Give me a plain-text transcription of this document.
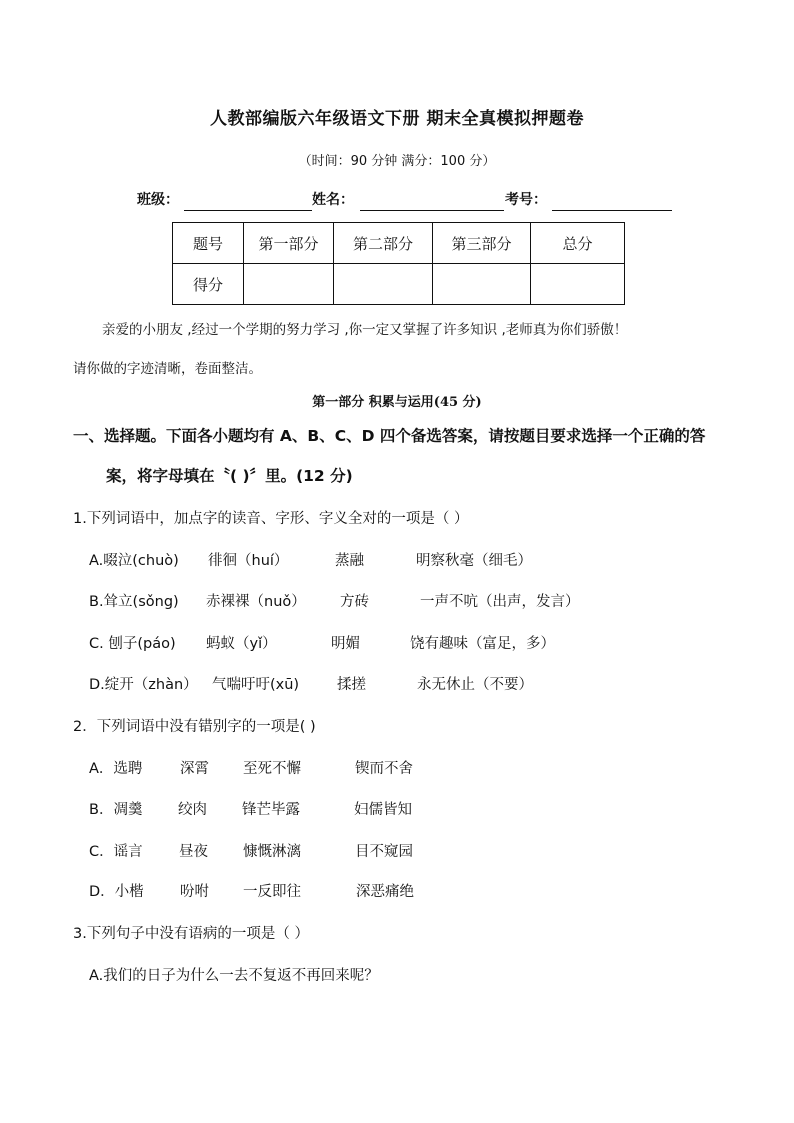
人教部编版六年级语文下册 期末全真模拟押题卷
（时间：90 分钟 满分：100 分）
班级：	姓名：	考号：
题号	第一部分	第二部分	第三部分	总分
得分				
亲爱的小朋友 ,经过一个学期的努力学习 ,你一定又掌握了许多知识 ,老师真为你们骄傲！
请你做的字迹清晰，卷面整洁。
第一部分 积累与运用(45 分)
一、选择题。下面各小题均有 A、B、C、D 四个备选答案，请按题目要求选择一个正确的答
案，将字母填在〝( )〞里。(12 分)
1.下列词语中，加点字的读音、字形、字义全对的一项是（ ）
A.啜泣(chuò) 徘徊（huí）	蒸融	明察秋毫（细毛）
B.耸立(sǒng) 赤裸裸（nuǒ） 方砖	一声不吭（出声，发言）
C. 刨子(páo) 蚂蚁（yǐ）	明媚	饶有趣味（富足，多）
D.绽开（zhàn） 气喘吁吁(xū)	揉搓	永无休止（不要）
2．下列词语中没有错别字的一项是( )
A．选聘	深霄 至死不懈	锲而不舍
B．凋羹 绞肉 锋芒毕露	妇儒皆知
C．谣言	昼夜 慷慨淋漓	目不窥园
D．小楷	吩咐 一反即往	深恶痛绝
3.下列句子中没有语病的一项是（ ）
A.我们的日子为什么一去不复返不再回来呢？
